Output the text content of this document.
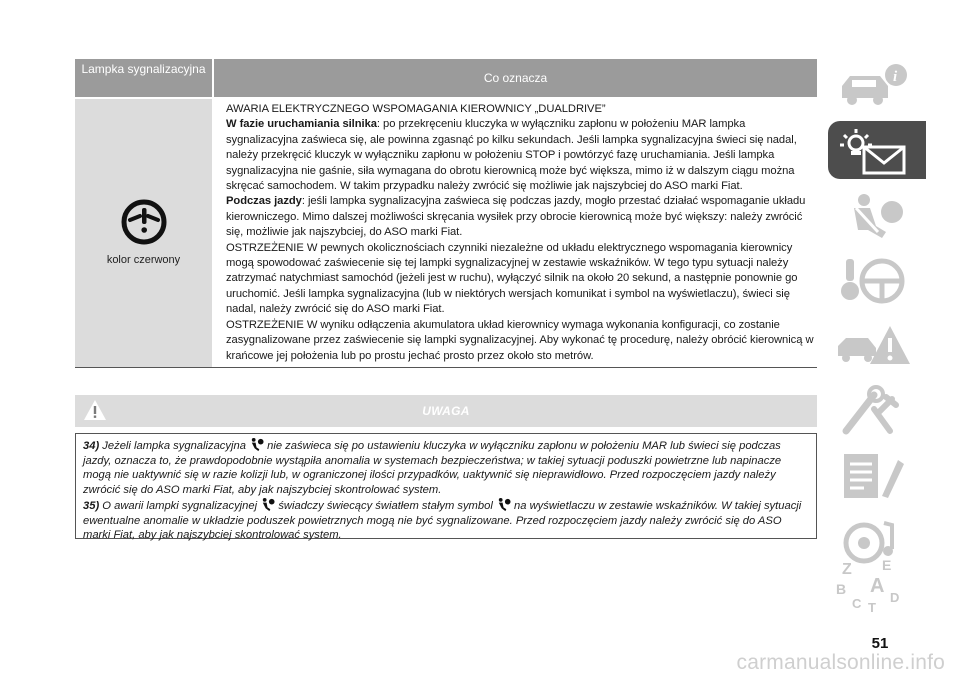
Lampka sygnalizacyjna
Co oznacza
kolor czerwony

AWARIA ELEKTRYCZNEGO WSPOMAGANIA KIEROWNICY „DUALDRIVE”

W fazie uruchamiania silnika: po przekręceniu kluczyka w wyłączniku zapłonu w położeniu MAR lampka sygnalizacyjna zaświeca się, ale powinna zgasnąć po kilku sekundach. Jeśli lampka sygnalizacyjna świeci się nadal, należy przekręcić kluczyk w wyłączniku zapłonu w położeniu STOP i powtórzyć fazę uruchamiania. Jeśli lampka sygnalizacyjna nie gaśnie, siła wymagana do obrotu kierownicą może być większa, mimo iż w dalszym ciągu można skręcać samochodem. W takim przypadku należy zwrócić się możliwie jak najszybciej do ASO marki Fiat.

Podczas jazdy: jeśli lampka sygnalizacyjna zaświeca się podczas jazdy, mogło przestać działać wspomaganie układu kierowniczego. Mimo dalszej możliwości skręcania wysiłek przy obrocie kierownicą może być większy: należy zwrócić się, możliwie jak najszybciej, do ASO marki Fiat.

OSTRZEŻENIE W pewnych okolicznościach czynniki niezależne od układu elektrycznego wspomagania kierownicy mogą spowodować zaświecenie się tej lampki sygnalizacyjnej w zestawie wskaźników. W tego typu sytuacji należy zatrzymać natychmiast samochód (jeżeli jest w ruchu), wyłączyć silnik na około 20 sekund, a następnie ponownie go uruchomić. Jeśli lampka sygnalizacyjna (lub w niektórych wersjach komunikat i symbol na wyświetlaczu), świeci się nadal, należy zwrócić się do ASO marki Fiat.

OSTRZEŻENIE W wyniku odłączenia akumulatora układ kierownicy wymaga wykonania konfiguracji, co zostanie zasygnalizowane przez zaświecenie się lampki sygnalizacyjnej. Aby wykonać tę procedurę, należy obrócić kierownicą w krańcowe jej położenia lub po prostu jechać prosto przez około sto metrów.

UWAGA

34) Jeżeli lampka sygnalizacyjna nie zaświeca się po ustawieniu kluczyka w wyłączniku zapłonu w położeniu MAR lub świeci się podczas jazdy, oznacza to, że prawdopodobnie wystąpiła anomalia w systemach bezpieczeństwa; w takiej sytuacji poduszki powietrzne lub napinacze mogą nie uaktywnić się w razie kolizji lub, w ograniczonej ilości przypadków, uaktywnić się nieprawidłowo. Przed rozpoczęciem jazdy należy zwrócić się do ASO marki Fiat, aby jak najszybciej skontrolować system.

35) O awarii lampki sygnalizacyjnej świadczy świecący światłem stałym symbol na wyświetlaczu w zestawie wskaźników. W takiej sytuacji ewentualne anomalie w układzie poduszek powietrznych mogą nie być sygnalizowane. Przed rozpoczęciem jazdy należy zwrócić się do ASO marki Fiat, aby jak najszybciej skontrolować system.

i
Z E
B A
C D
T
51
carmanualsonline.info
